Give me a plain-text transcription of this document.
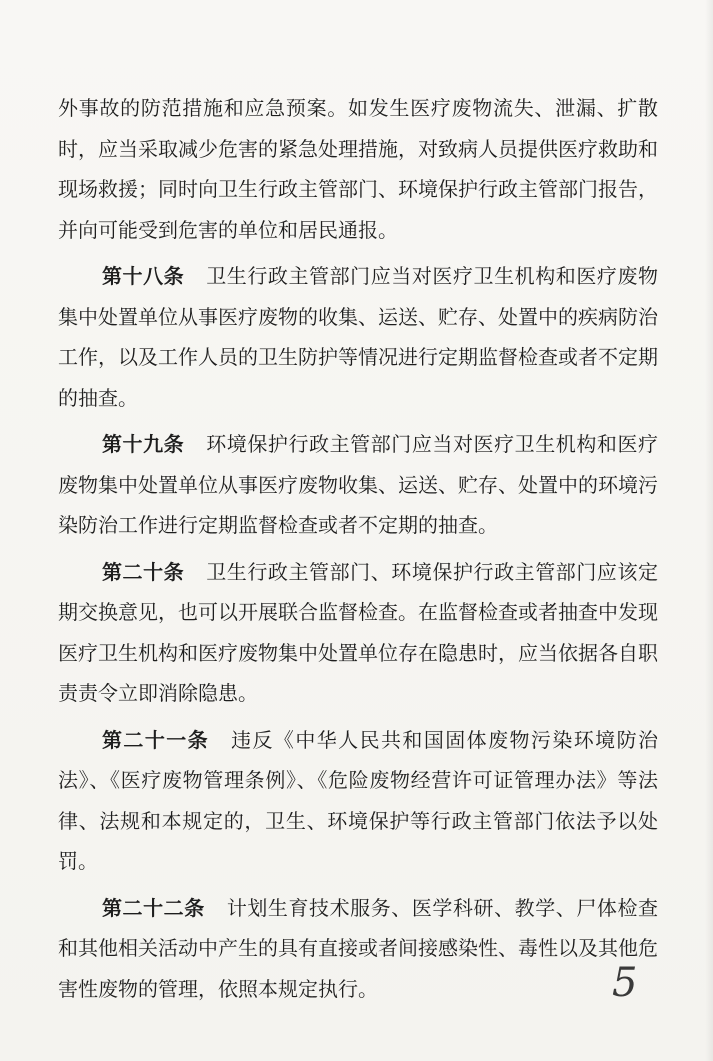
外事故的防范措施和应急预案。如发生医疗废物流失、泄漏、扩散时，应当采取减少危害的紧急处理措施，对致病人员提供医疗救助和现场救援；同时向卫生行政主管部门、环境保护行政主管部门报告，并向可能受到危害的单位和居民通报。

第十八条 卫生行政主管部门应当对医疗卫生机构和医疗废物集中处置单位从事医疗废物的收集、运送、贮存、处置中的疾病防治工作，以及工作人员的卫生防护等情况进行定期监督检查或者不定期的抽查。

第十九条 环境保护行政主管部门应当对医疗卫生机构和医疗废物集中处置单位从事医疗废物收集、运送、贮存、处置中的环境污染防治工作进行定期监督检查或者不定期的抽查。

第二十条 卫生行政主管部门、环境保护行政主管部门应该定期交换意见，也可以开展联合监督检查。在监督检查或者抽查中发现医疗卫生机构和医疗废物集中处置单位存在隐患时，应当依据各自职责责令立即消除隐患。

第二十一条 违反《中华人民共和国固体废物污染环境防治法》、《医疗废物管理条例》、《危险废物经营许可证管理办法》等法律、法规和本规定的，卫生、环境保护等行政主管部门依法予以处罚。

第二十二条 计划生育技术服务、医学科研、教学、尸体检查和其他相关活动中产生的具有直接或者间接感染性、毒性以及其他危害性废物的管理，依照本规定执行。	5
